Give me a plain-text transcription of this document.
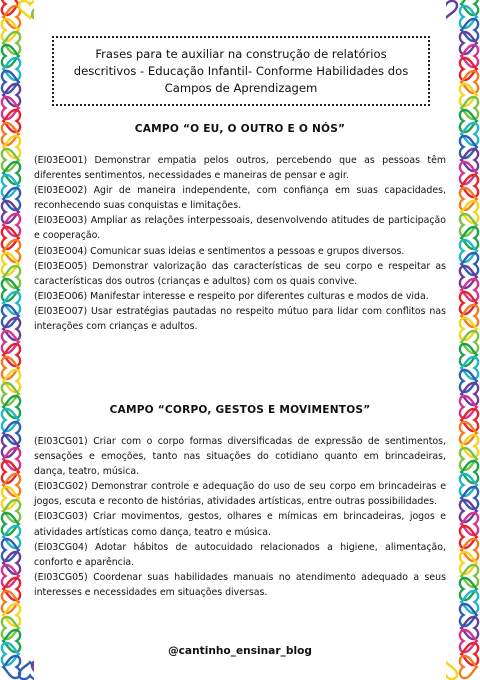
Frases para te auxiliar na construção de relatórios descritivos - Educação Infantil- Conforme Habilidades dos Campos de Aprendizagem
CAMPO “O EU, O OUTRO E O NÓS”

(EI03EO01) Demonstrar empatia pelos outros, percebendo que as pessoas têm diferentes sentimentos, necessidades e maneiras de pensar e agir.

(EI03EO02) Agir de maneira independente, com confiança em suas capacidades, reconhecendo suas conquistas e limitações.

(EI03EO03) Ampliar as relações interpessoais, desenvolvendo atitudes de participação e cooperação.

(EI03EO04) Comunicar suas ideias e sentimentos a pessoas e grupos diversos.

(EI03EO05) Demonstrar valorização das características de seu corpo e respeitar as características dos outros (crianças e adultos) com os quais convive.

(EI03EO06) Manifestar interesse e respeito por diferentes culturas e modos de vida.

(EI03EO07) Usar estratégias pautadas no respeito mútuo para lidar com conflitos nas interações com crianças e adultos.

CAMPO “CORPO, GESTOS E MOVIMENTOS”

(EI03CG01) Criar com o corpo formas diversificadas de expressão de sentimentos, sensações e emoções, tanto nas situações do cotidiano quanto em brincadeiras, dança, teatro, música.

(EI03CG02) Demonstrar controle e adequação do uso de seu corpo em brincadeiras e jogos, escuta e reconto de histórias, atividades artísticas, entre outras possibilidades.

(EI03CG03) Criar movimentos, gestos, olhares e mímicas em brincadeiras, jogos e atividades artísticas como dança, teatro e música.

(EI03CG04) Adotar hábitos de autocuidado relacionados a higiene, alimentação, conforto e aparência.

(EI03CG05) Coordenar suas habilidades manuais no atendimento adequado a seus interesses e necessidades em situações diversas.

@cantinho_ensinar_blog
